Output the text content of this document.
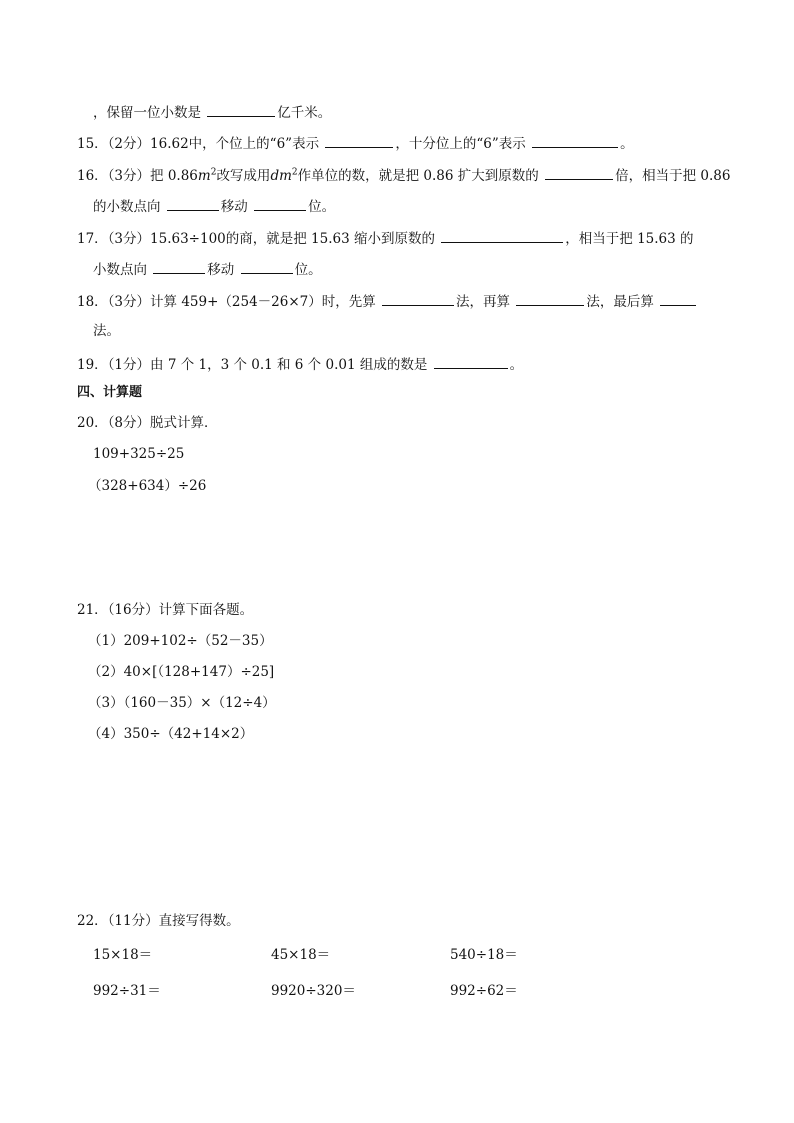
，保留一位小数是	亿千米。
15．（2分）16.62中，个位上的“6”表示	，十分位上的“6”表示	。
16．（3分）把 $0.86m^2$改写成用$dm^2$作单位的数，就是把 0.86 扩大到原数的	倍，相当于把 0.86
的小数点向	移动	位。
17．（3分）15.63÷100的商，就是把 15.63 缩小到原数的	，相当于把 15.63 的
小数点向	移动	位。
18．（3分）计算 459+（254－26×7）时，先算	法，再算	法，最后算
法。
19．（1分）由 7 个 1，3 个 0.1 和 6 个 0.01 组成的数是	。
四、计算题
20．（8分）脱式计算．
109+325÷25
（328+634）÷26
21．（16分）计算下面各题。
（1）209+102÷（52－35）
（2）40×[（128+147）÷25]
（3）（160－35）×（12÷4）
（4）350÷（42+14×2）
22．（11分）直接写得数。
15×18＝	45×18＝	540÷18＝
992÷31＝	9920÷320＝	992÷62＝
